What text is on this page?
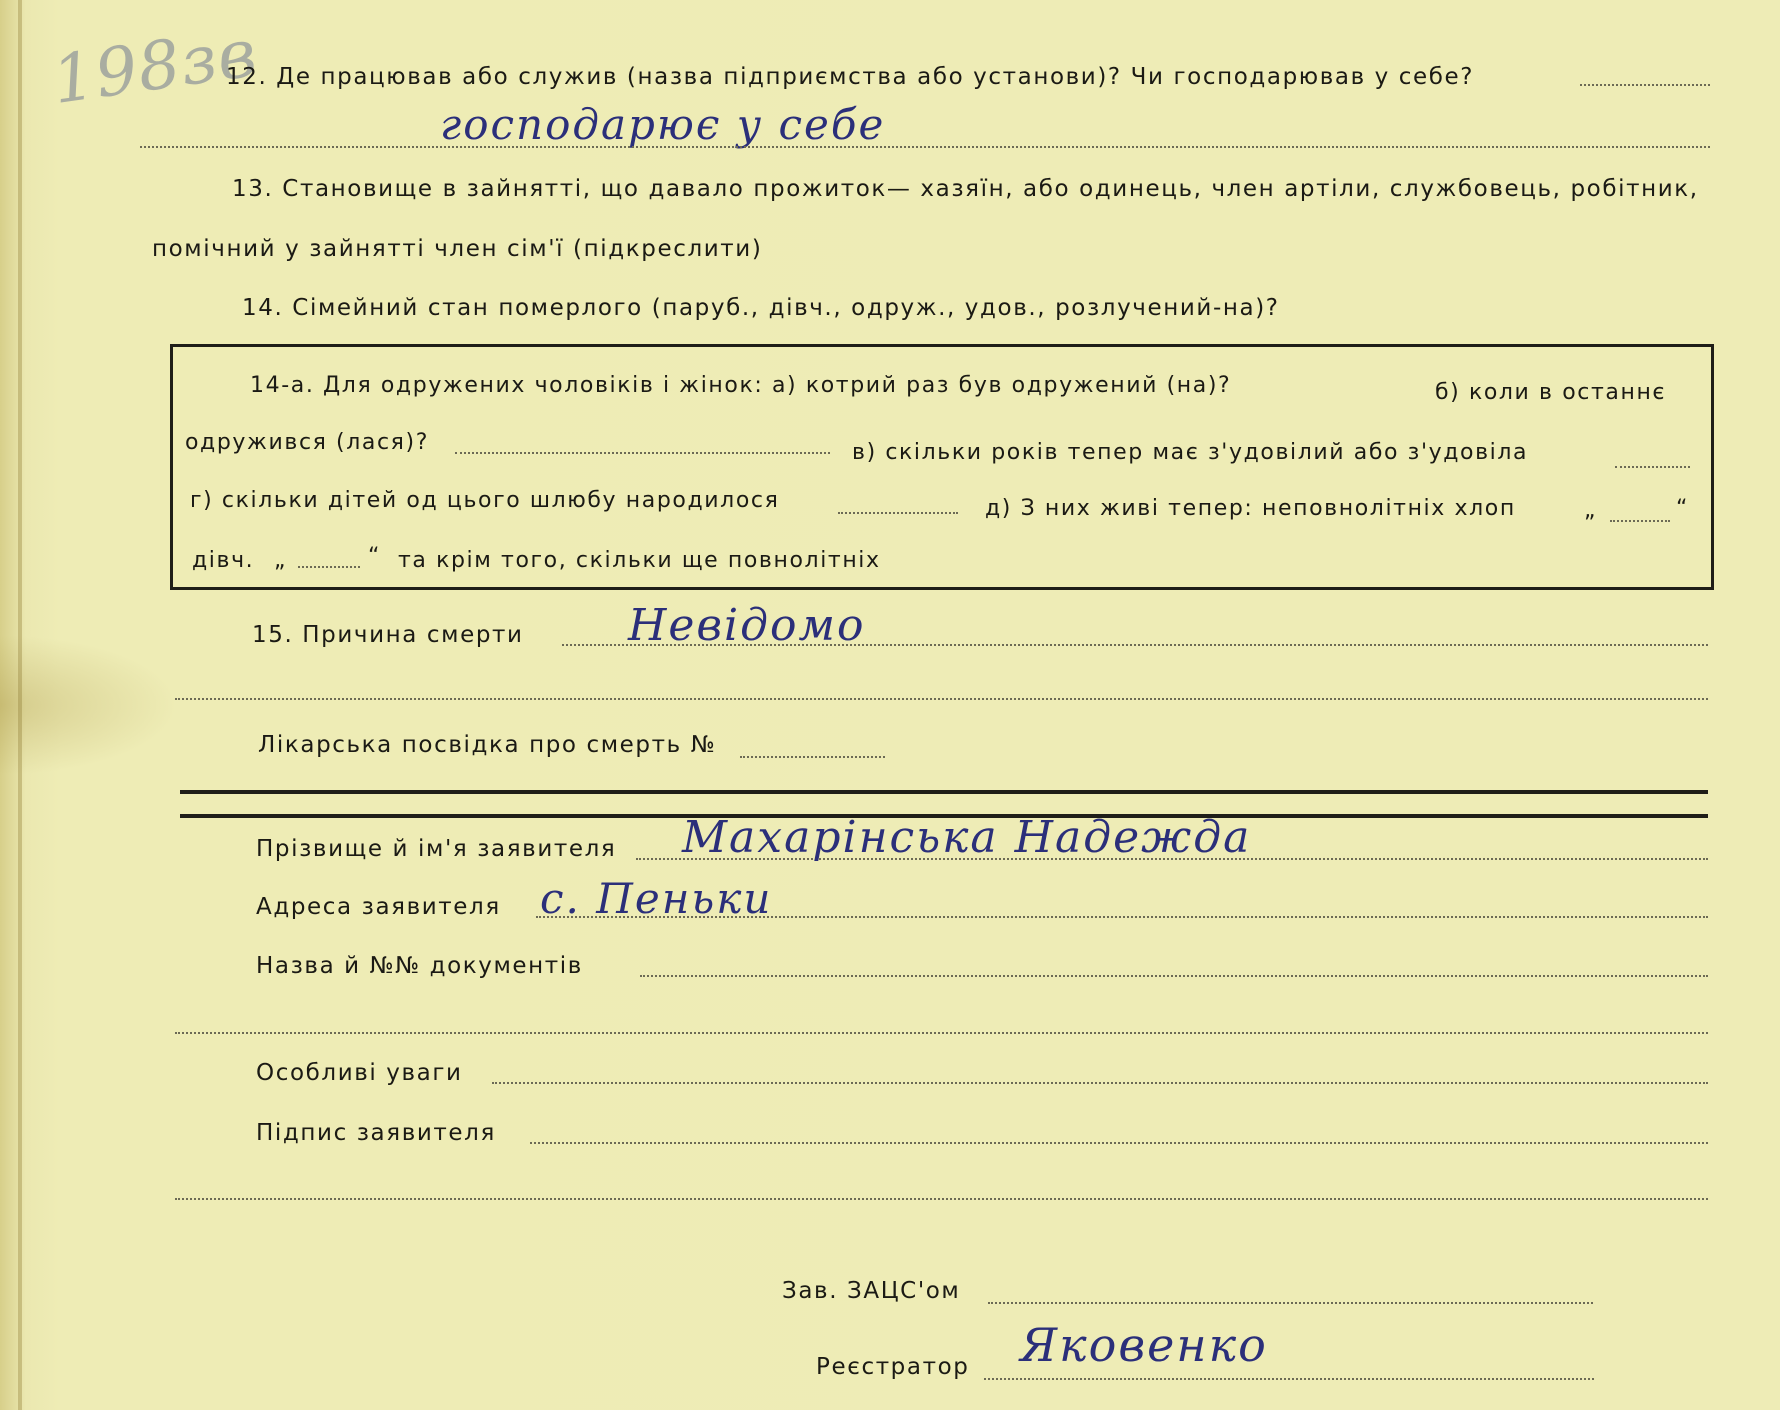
198зв
12. Де працював або служив (назва підприємства або установи)? Чи господарював у себе?
господарює у себе
13. Становище в зайнятті, що давало прожиток— хазяїн, або одинець, член артіли, службовець, робітник,
помічний у зайнятті член сім'ї (підкреслити)
14. Сімейний стан померлого (паруб., дівч., одруж., удов., розлучений-на)?
14-а. Для одружених чоловіків і жінок: а) котрий раз був одружений (на)?	б) коли в останнє
одружився (лася)?	в) скільки років тепер має з'удовілий або з'удовіла
г) скільки дітей од цього шлюбу народилося	д) З них живі тепер: неповнолітніх хлоп	„	“
дівч. „	“ та крім того, скільки ще повнолітніх
15. Причина смерти Невідомо
Лікарська посвідка про смерть №
Прізвище й ім'я заявителя Махарінська Надежда
Адреса заявителя с. Пеньки
Назва й №№ документів
Особливі уваги
Підпис заявителя
Зав. ЗАЦС'ом
Реєстратор Яковенко
